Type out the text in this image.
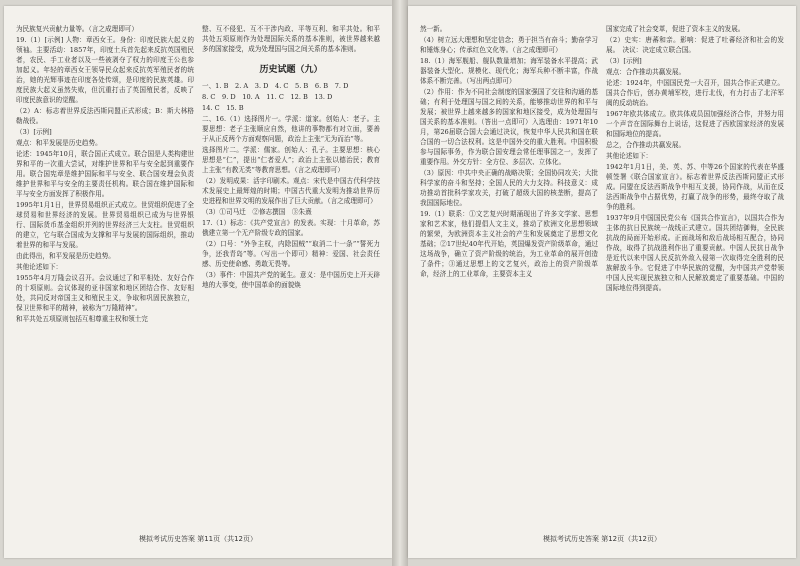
为民族复兴贡献力量等。（言之成理即可）

19.（1）[示例] 人物：章西女王。身份：印度民族大起义的领袖。主要活动：1857年，印度土兵首先起来反抗英国殖民者，农民、手工业者以及一些被剥夺了权力的印度王公也参加起义。年轻的章西女王领导民众起来反抗英军殖民者的统治，她的光辉事迹在印度各处传颂，是印度的民族英雄。印度民族大起义虽然失败，但沉重打击了英国殖民者，反映了印度民族意识的觉醒。

（2）A：标志着世界反法西斯同盟正式形成；B：斯大林格勒战役。

（3）[示例]

观点：和平发展是历史趋势。

论述：1945年10月，联合国正式成立。联合国是人类构建世界和平的一次重大尝试，对维护世界和平与安全起到重要作用。联合国宪章是维护国际和平与安全、联合国安理会负责维护世界和平与安全的主要责任机构。联合国在维护国际和平与安全方面发挥了积极作用。

1995年1月1日，世界贸易组织正式成立。世贸组织促进了全球贸易和世界经济的发展。世界贸易组织已成为与世界银行、国际货币基金组织并列的世界经济三大支柱。世贸组织的建立，它与联合国成为支撑和平与发展的国际组织，推动着世界的和平与发展。

由此得出，和平发展是历史趋势。

其他论述如下：

1955年4月万隆会议召开。会议通过了和平相处、友好合作的十项原则。会议体现的亚非国家和地区团结合作、友好相处，共同反对帝国主义和殖民主义，争取和巩固民族独立，保卫世界和平的精神，被称为“万隆精神”。

和平共处五项原则包括互相尊重主权和领土完

整、互不侵犯、互不干涉内政、平等互利、和平共处。和平共处五项原则作为处理国际关系的基本准则，被世界越来越多的国家接受，成为处理国与国之间关系的基本准则。

历史试题（九）

一、1. B　2. A　3. D　4. C　5. B　6. B　7. D

8. C　9. D　10. A　11. C　12. B　13. D

14. C　15. B

二、16.（1）选择图片一。学派：道家。创始人：老子。主要思想：老子主张顺应自然，他讲的事物都有对立面，要善于从正反两个方面观察问题，政治上主张“无为而治”等。

选择图片二。学派：儒家。创始人：孔子。主要思想：核心思想是“仁”，提出“仁者爱人”；政治上主张以德治民；教育上主张“有教无类”等教育思想。（言之成理即可）

（2）发明成果：活字印刷术。观点：宋代是中国古代科学技术发展史上最辉煌的时期；中国古代重大发明为推动世界历史进程和世界文明的发展作出了巨大贡献。（言之成理即可）

（3）①司马迁　②修志撰国　③朱熹

17.（1）标志：《共产党宣言》的发表。实现：十月革命，苏俄建立第一个无产阶级专政的国家。

（2）口号：“外争主权，内除国贼”“取消二十一条”“誓死力争，还我青岛”等。（写出一个即可）精神：爱国、社会责任感、历史使命感、勇敢无畏等。

（3）事件：中国共产党的诞生。意义：是中国历史上开天辟地的大事变，使中国革命的面貌焕

模拟考试历史答案 第11页（共12页）

然一新。

（4）树立远大理想和坚定信念；勇于担当有奋斗；勤奋学习和锤炼身心；传承红色文化等。（言之成理即可）

18.（1）海军舰船、舰队数量增加；海军装备水平提高；武器装备大型化、规模化、现代化；海军兵种不断丰富，作战体系不断完善。（写出两点即可）

（2）作用：作为不同社会制度的国家强国了交往和沟通的基础；有利于处理国与国之间的关系，能够推动世界的和平与发展；被世界上越来越多的国家和地区接受，成为处理国与国关系的基本准则。（答出一点即可）入选理由：1971年10月，第26届联合国大会通过决议，恢复中华人民共和国在联合国的一切合法权利。这是中国外交的重大胜利。中国积极参与国际事务，作为联合国安理会常任理事国之一，发挥了重要作用。外交方针：全方位、多层次、立体化。

（3）原因：中共中央正确的战略决策；全国协同攻关；大批科学家的奋斗和坚持；全国人民的大力支持。科技意义：成功推动首批科学家攻关，打破了超级大国的核垄断，提高了我国国际地位。

19.（1）联系：①文艺复兴时期涌现出了许多文学家、思想家和艺术家，他们提倡人文主义，推动了欧洲文化思想领域的繁荣，为欧洲资本主义社会的产生和发展奠定了思想文化基础；②17世纪40年代开始，英国爆发资产阶级革命，通过这场战争，确立了资产阶级的统治，为工业革命的展开创造了条件；③通过思想上的文艺复兴，政治上的资产阶级革命，经济上的工业革命，主要资本主义

国家完成了社会变革，促进了资本主义的发展。

（2）史实：唐蕃和亲。影响：促进了吐蕃经济和社会的发展。　决议：决定成立联合国。

（3）[示例]

观点：合作推动共赢发展。

论述：1924年，中国国民党一大召开，国共合作正式建立。国共合作后，创办黄埔军校，进行北伐，有力打击了北洋军阀的反动统治。

1967年欧共体成立。欧共体成员国加强经济合作，并努力用一个声音在国际舞台上说话，这促进了西欧国家经济的发展和国际地位的提高。

总之，合作推动共赢发展。

其他论述如下：

1942年1月1日，美、英、苏、中等26个国家的代表在华盛顿签署《联合国家宣言》。标志着世界反法西斯同盟正式形成。同盟在反法西斯战争中相互支援，协同作战，从而在反法西斯战争中占据优势，打赢了战争的形势，最终夺取了战争的胜利。

1937年9月中国国民党公布《国共合作宣言》，以国共合作为主体的抗日民族统一战线正式建立。国共团结御侮，全民族抗战的局面开始形成。正面战场和敌后战场相互配合，协同作战，取得了抗战胜利作出了重要贡献。中国人民抗日战争是近代以来中国人民反抗外敌入侵第一次取得完全胜利的民族解放斗争。它促进了中华民族的觉醒，为中国共产党带领中国人民实现民族独立和人民解放奠定了重要基础。中国的国际地位得到提高。

模拟考试历史答案 第12页（共12页）
